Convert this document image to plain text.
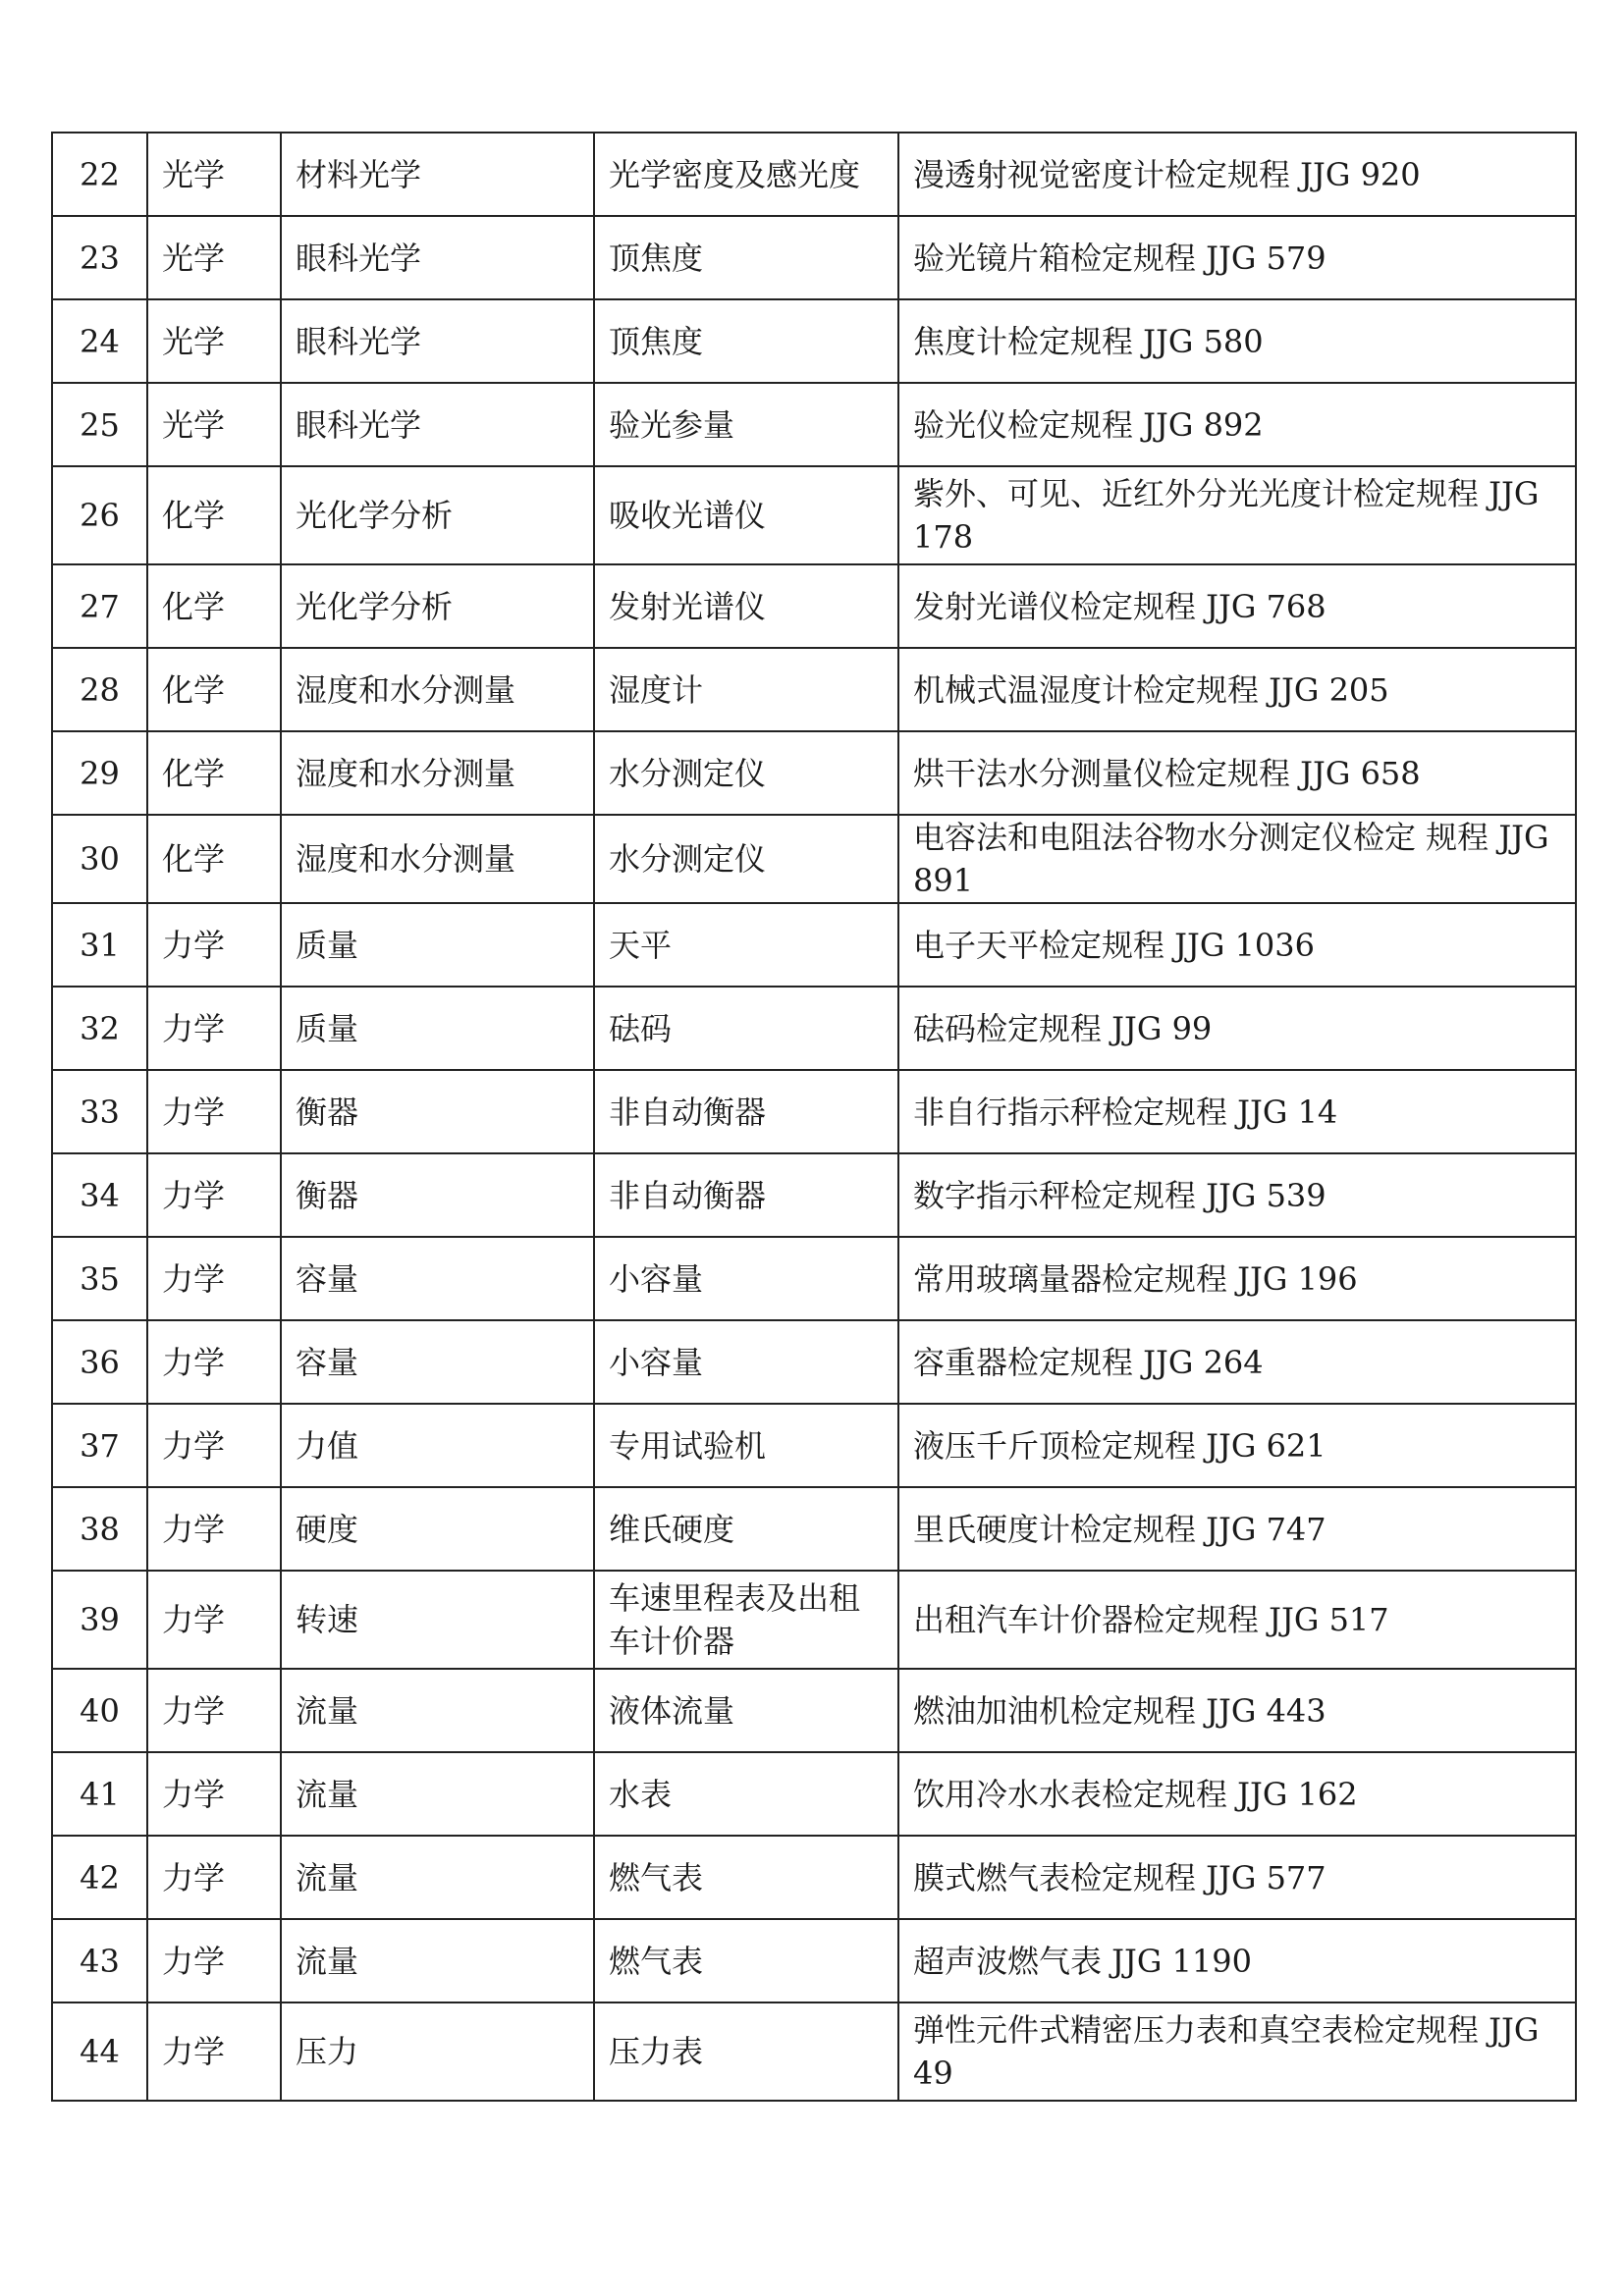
22	光学	材料光学	光学密度及感光度	漫透射视觉密度计检定规程 JJG 920
23	光学	眼科光学	顶焦度	验光镜片箱检定规程 JJG 579
24	光学	眼科光学	顶焦度	焦度计检定规程 JJG 580
25	光学	眼科光学	验光参量	验光仪检定规程 JJG 892
26	化学	光化学分析	吸收光谱仪	紫外、可见、近红外分光光度计检定规程 JJG 178
27	化学	光化学分析	发射光谱仪	发射光谱仪检定规程 JJG 768
28	化学	湿度和水分测量	湿度计	机械式温湿度计检定规程 JJG 205
29	化学	湿度和水分测量	水分测定仪	烘干法水分测量仪检定规程 JJG 658
30	化学	湿度和水分测量	水分测定仪	电容法和电阻法谷物水分测定仪检定 规程 JJG 891
31	力学	质量	天平	电子天平检定规程 JJG 1036
32	力学	质量	砝码	砝码检定规程 JJG 99
33	力学	衡器	非自动衡器	非自行指示秤检定规程 JJG 14
34	力学	衡器	非自动衡器	数字指示秤检定规程 JJG 539
35	力学	容量	小容量	常用玻璃量器检定规程 JJG 196
36	力学	容量	小容量	容重器检定规程 JJG 264
37	力学	力值	专用试验机	液压千斤顶检定规程 JJG 621
38	力学	硬度	维氏硬度	里氏硬度计检定规程 JJG 747
39	力学	转速	车速里程表及出租车计价器	出租汽车计价器检定规程 JJG 517
40	力学	流量	液体流量	燃油加油机检定规程 JJG 443
41	力学	流量	水表	饮用冷水水表检定规程 JJG 162
42	力学	流量	燃气表	膜式燃气表检定规程 JJG 577
43	力学	流量	燃气表	超声波燃气表 JJG 1190
44	力学	压力	压力表	弹性元件式精密压力表和真空表检定规程 JJG 49
